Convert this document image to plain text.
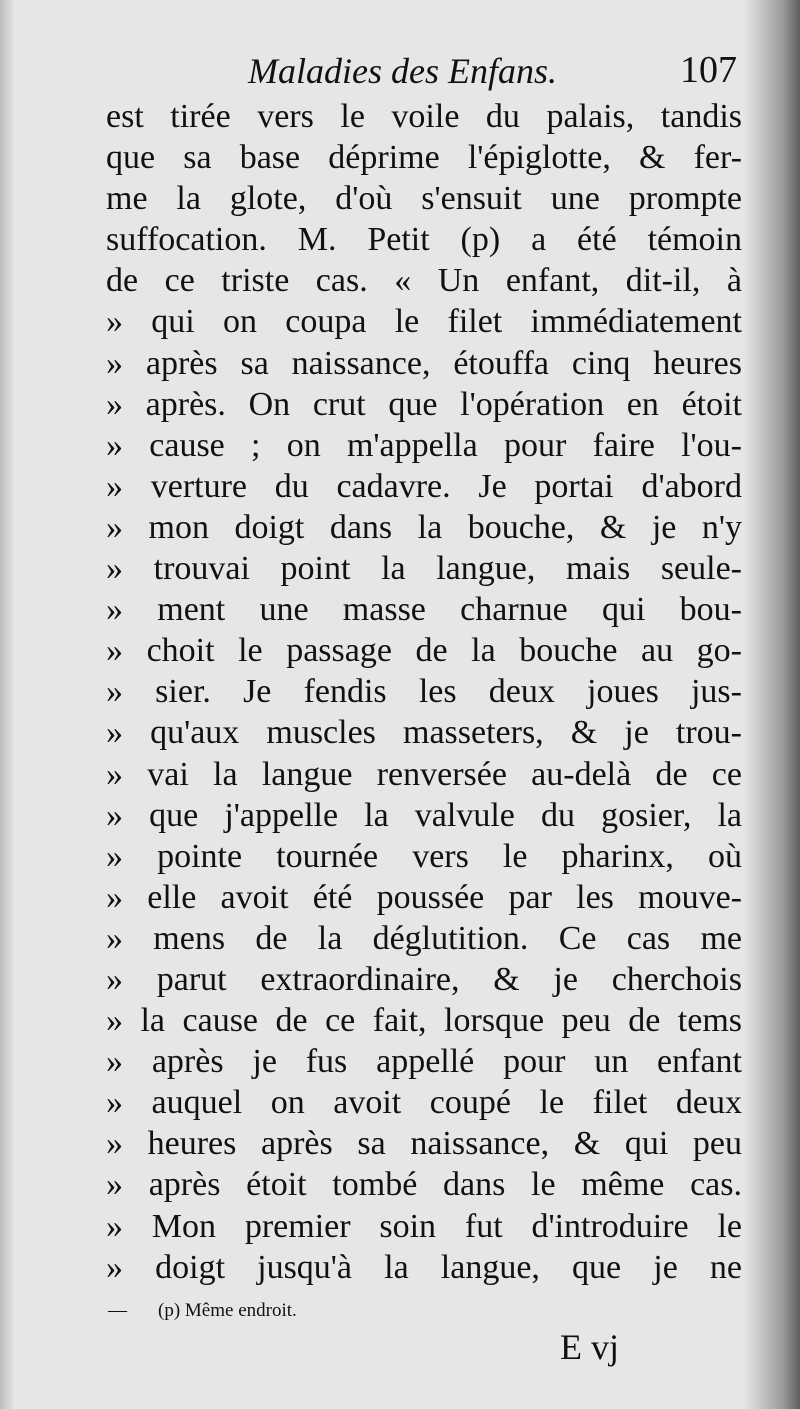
Maladies des Enfans.	107
est tirée vers le voile du palais, tandis
que sa base déprime l'épiglotte, & fer-
me la glote, d'où s'ensuit une prompte
suffocation. M. Petit (p) a été témoin
de ce triste cas. « Un enfant, dit-il, à
» qui on coupa le filet immédiatement
» après sa naissance, étouffa cinq heures
» après. On crut que l'opération en étoit
» cause ; on m'appella pour faire l'ou-
» verture du cadavre. Je portai d'abord
» mon doigt dans la bouche, & je n'y
» trouvai point la langue, mais seule-
» ment une masse charnue qui bou-
» choit le passage de la bouche au go-
» sier. Je fendis les deux joues jus-
» qu'aux muscles masseters, & je trou-
» vai la langue renversée au-delà de ce
» que j'appelle la valvule du gosier, la
» pointe tournée vers le pharinx, où
» elle avoit été poussée par les mouve-
» mens de la déglutition. Ce cas me
» parut extraordinaire, & je cherchois
» la cause de ce fait, lorsque peu de tems
» après je fus appellé pour un enfant
» auquel on avoit coupé le filet deux
» heures après sa naissance, & qui peu
» après étoit tombé dans le même cas.
» Mon premier soin fut d'introduire le
» doigt jusqu'à la langue, que je ne
— (p) Même endroit.
E vj
